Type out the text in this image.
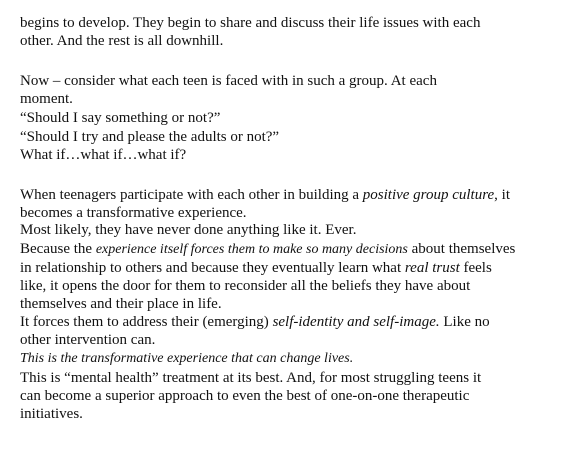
begins to develop. They begin to share and discuss their life issues with each

other. And the rest is all downhill.

Now – consider what each teen is faced with in such a group. At each

moment.

“Should I say something or not?”

“Should I try and please the adults or not?”

What if…what if…what if?

When teenagers participate with each other in building a positive group culture, it

becomes a transformative experience.

Most likely, they have never done anything like it. Ever.

Because the experience itself forces them to make so many decisions about themselves

in relationship to others and because they eventually learn what real trust feels

like, it opens the door for them to reconsider all the beliefs they have about

themselves and their place in life.

It forces them to address their (emerging) self-identity and self-image. Like no

other intervention can.

This is the transformative experience that can change lives.

This is “mental health” treatment at its best. And, for most struggling teens it

can become a superior approach to even the best of one-on-one therapeutic

initiatives.
